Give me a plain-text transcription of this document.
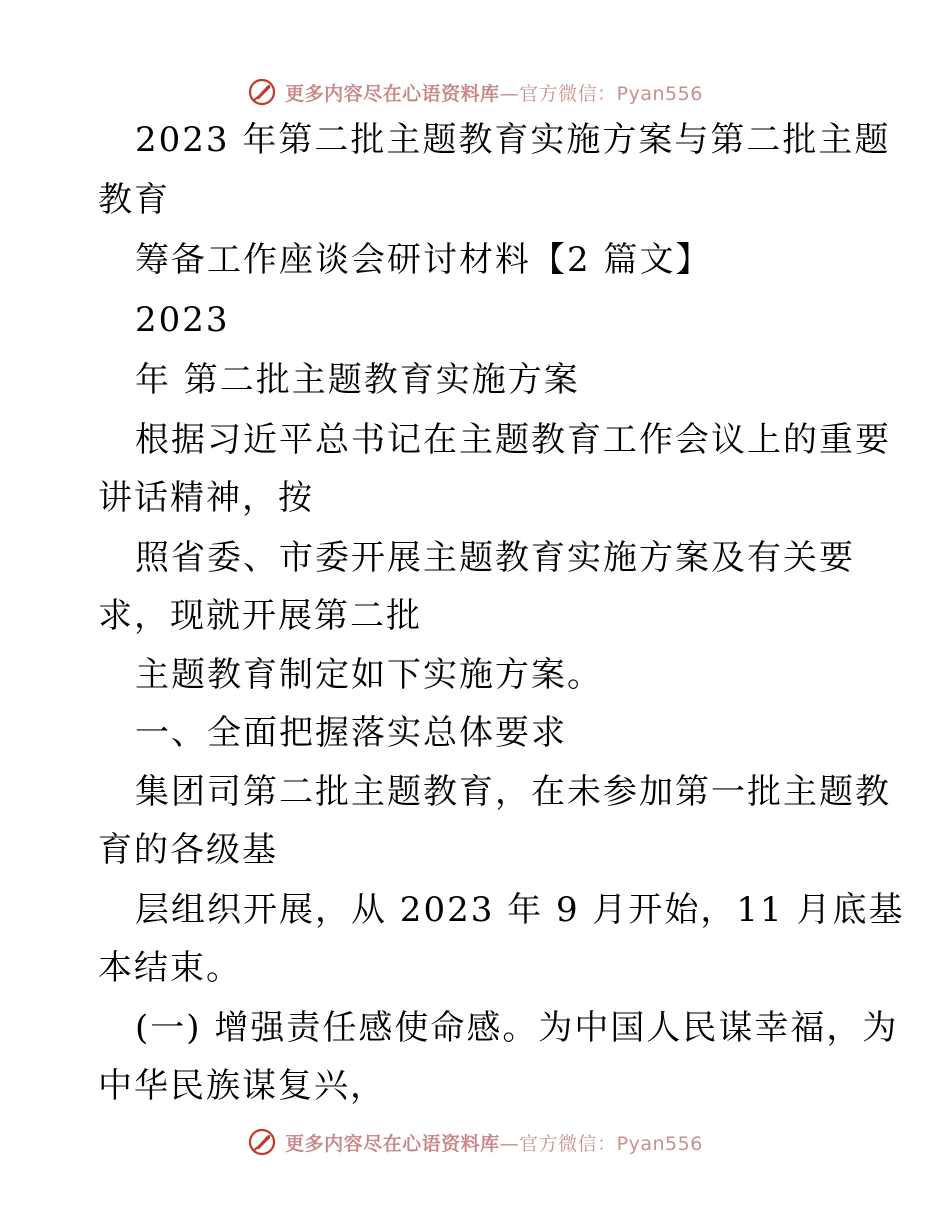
更多内容尽在心语资料库—官方微信：Pyan556
2023 年第二批主题教育实施方案与第二批主题
教育
筹备工作座谈会研讨材料【2 篇文】
2023
年 第二批主题教育实施方案
根据习近平总书记在主题教育工作会议上的重要
讲话精神，按
照省委、市委开展主题教育实施方案及有关要
求，现就开展第二批
主题教育制定如下实施方案。
一、全面把握落实总体要求
集团司第二批主题教育，在未参加第一批主题教
育的各级基
层组织开展，从 2023 年 9 月开始，11 月底基
本结束。
(一) 增强责任感使命感。为中国人民谋幸福，为
中华民族谋复兴，
更多内容尽在心语资料库—官方微信：Pyan556
